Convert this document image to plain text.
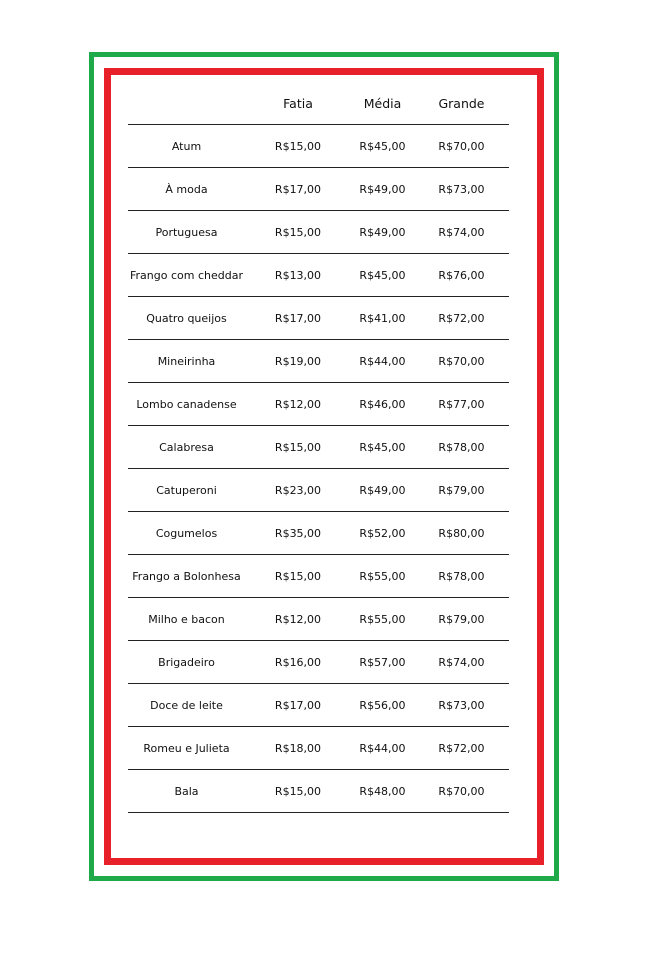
	Fatia	Média	Grande
Atum	R$15,00	R$45,00	R$70,00
À moda	R$17,00	R$49,00	R$73,00
Portuguesa	R$15,00	R$49,00	R$74,00
Frango com cheddar	R$13,00	R$45,00	R$76,00
Quatro queijos	R$17,00	R$41,00	R$72,00
Mineirinha	R$19,00	R$44,00	R$70,00
Lombo canadense	R$12,00	R$46,00	R$77,00
Calabresa	R$15,00	R$45,00	R$78,00
Catuperoni	R$23,00	R$49,00	R$79,00
Cogumelos	R$35,00	R$52,00	R$80,00
Frango a Bolonhesa	R$15,00	R$55,00	R$78,00
Milho e bacon	R$12,00	R$55,00	R$79,00
Brigadeiro	R$16,00	R$57,00	R$74,00
Doce de leite	R$17,00	R$56,00	R$73,00
Romeu e Julieta	R$18,00	R$44,00	R$72,00
Bala	R$15,00	R$48,00	R$70,00
